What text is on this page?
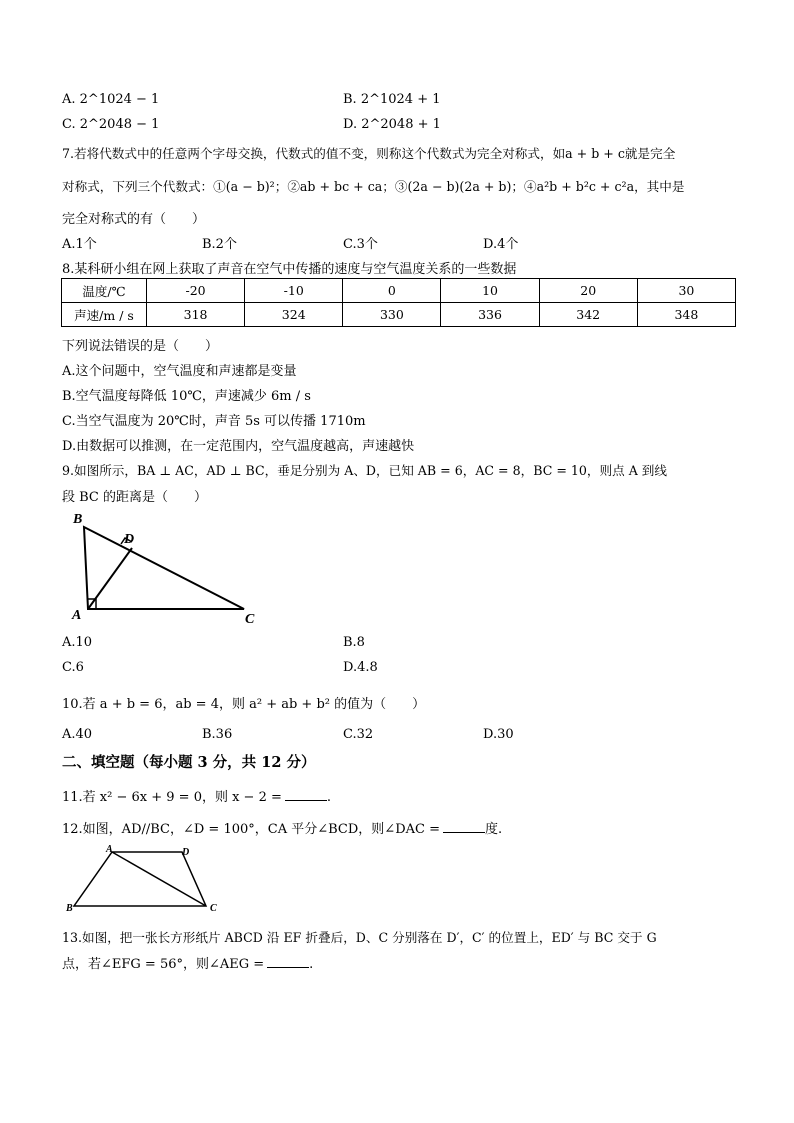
A. 2^1024 − 1	B. 2^1024 + 1
C. 2^2048 − 1	D. 2^2048 + 1
7.若将代数式中的任意两个字母交换，代数式的值不变，则称这个代数式为完全对称式，如a + b + c就是完全
对称式，下列三个代数式：①(a − b)²；②ab + bc + ca；③(2a − b)(2a + b)；④a²b + b²c + c²a，其中是
完全对称式的有（　　）
A.1个	B.2个	C.3个	D.4个
8.某科研小组在网上获取了声音在空气中传播的速度与空气温度关系的一些数据
温度/℃	-20	-10	0	10	20	30
声速/m / s	318	324	330	336	342	348
下列说法错误的是（　　）
A.这个问题中，空气温度和声速都是变量
B.空气温度每降低 10℃，声速减少 6m / s
C.当空气温度为 20℃时，声音 5s 可以传播 1710m
D.由数据可以推测，在一定范围内，空气温度越高，声速越快
9.如图所示，BA ⊥ AC，AD ⊥ BC，垂足分别为 A、D，已知 AB = 6，AC = 8，BC = 10，则点 A 到线
段 BC 的距离是（　　）
B
D
A	C
A.10	B.8
C.6	D.4.8
10.若 a + b = 6，ab = 4，则 a² + ab + b² 的值为（　　）
A.40	B.36	C.32	D.30
二、填空题（每小题 3 分，共 12 分）
11.若 x² − 6x + 9 = 0，则 x − 2 =	.
12.如图，AD//BC，∠D = 100°，CA 平分∠BCD，则∠DAC =	度.
A	D
B	C
13.如图，把一张长方形纸片 ABCD 沿 EF 折叠后，D、C 分别落在 D′，C′ 的位置上，ED′ 与 BC 交于 G
点，若∠EFG = 56°，则∠AEG =	.
